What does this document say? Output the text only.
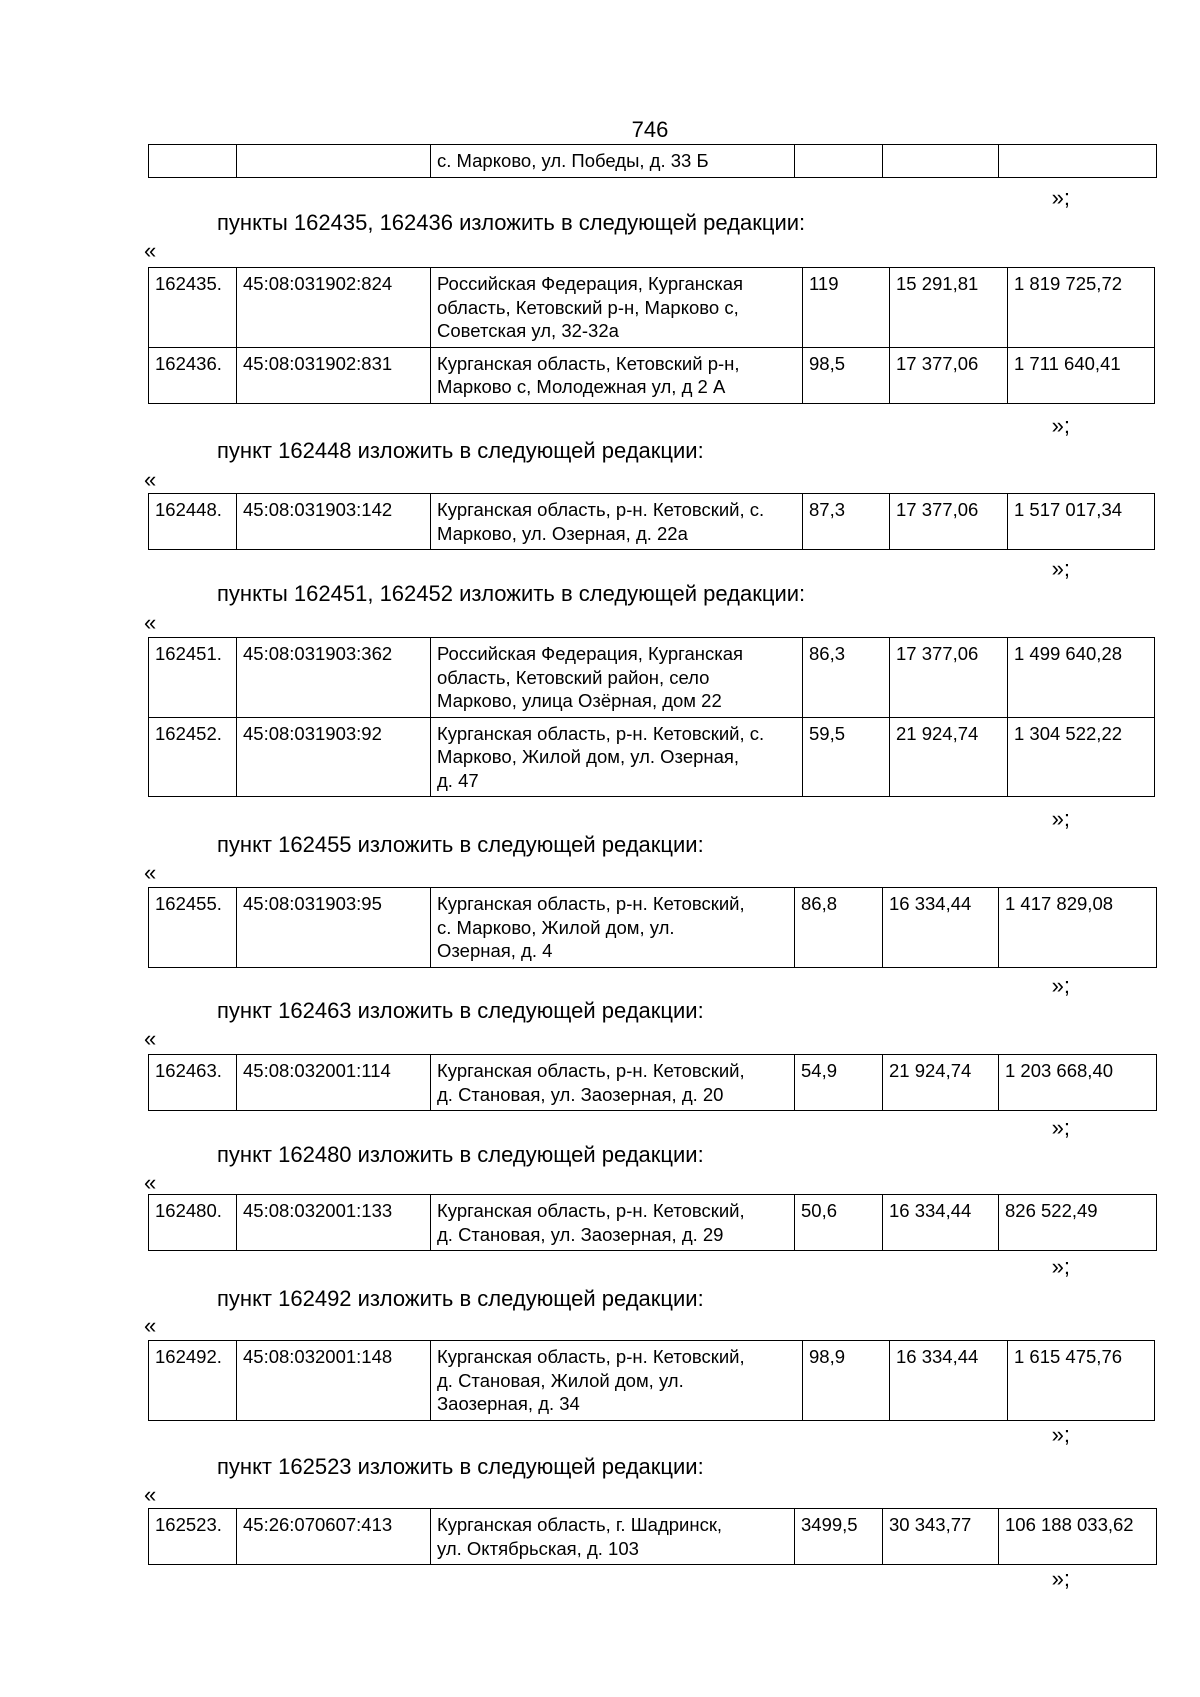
746
		с. Марково, ул. Победы, д. 33 Б			
»;
пункты 162435, 162436 изложить в следующей редакции:
«
162435.	45:08:031902:824	Российская Федерация, Курганская
область, Кетовский р-н, Марково с,
Советская ул, 32-32а	119	15 291,81	1 819 725,72
162436.	45:08:031902:831	Курганская область, Кетовский р-н,
Марково с, Молодежная ул, д 2 А	98,5	17 377,06	1 711 640,41
»;
пункт 162448 изложить в следующей редакции:
«
162448.	45:08:031903:142	Курганская область, р-н. Кетовский, с.
Марково, ул. Озерная, д. 22а	87,3	17 377,06	1 517 017,34
»;
пункты 162451, 162452 изложить в следующей редакции:
«
162451.	45:08:031903:362	Российская Федерация, Курганская
область, Кетовский район, село
Марково, улица Озёрная, дом 22	86,3	17 377,06	1 499 640,28
162452.	45:08:031903:92	Курганская область, р-н. Кетовский, с.
Марково, Жилой дом, ул. Озерная,
д. 47	59,5	21 924,74	1 304 522,22
»;
пункт 162455 изложить в следующей редакции:
«
162455.	45:08:031903:95	Курганская область, р-н. Кетовский,
с. Марково, Жилой дом, ул.
Озерная, д. 4	86,8	16 334,44	1 417 829,08
»;
пункт 162463 изложить в следующей редакции:
«
162463.	45:08:032001:114	Курганская область, р-н. Кетовский,
д. Становая, ул. Заозерная, д. 20	54,9	21 924,74	1 203 668,40
»;
пункт 162480 изложить в следующей редакции:
«
162480.	45:08:032001:133	Курганская область, р-н. Кетовский,
д. Становая, ул. Заозерная, д. 29	50,6	16 334,44	826 522,49
»;
пункт 162492 изложить в следующей редакции:
«
162492.	45:08:032001:148	Курганская область, р-н. Кетовский,
д. Становая, Жилой дом, ул.
Заозерная, д. 34	98,9	16 334,44	1 615 475,76
»;
пункт 162523 изложить в следующей редакции:
«
162523.	45:26:070607:413	Курганская область, г. Шадринск,
ул. Октябрьская, д. 103	3499,5	30 343,77	106 188 033,62
»;
